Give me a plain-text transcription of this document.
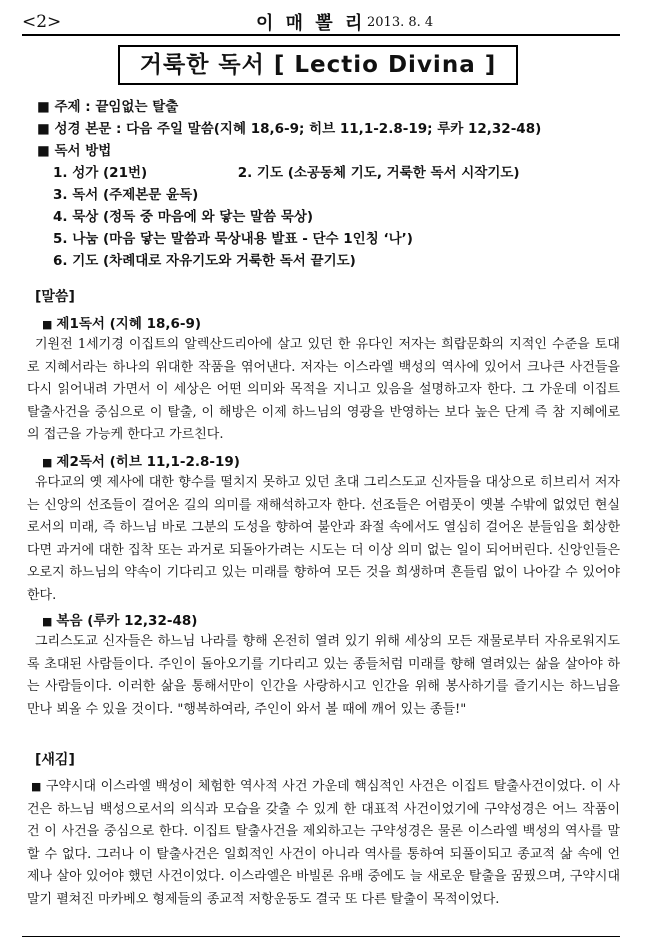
<2>	이 매 뽈 리 2013. 8. 4
거룩한 독서 [ Lectio Divina ]
■ 주제 : 끝임없는 탈출
■ 성경 본문 : 다음 주일 말씀(지혜 18,6-9; 히브 11,1-2.8-19; 루카 12,32-48)
■ 독서 방법
1. 성가 (21번)	2. 기도 (소공동체 기도, 거룩한 독서 시작기도)
3. 독서 (주제본문 윤독)
4. 묵상 (정독 중 마음에 와 닿는 말씀 묵상)
5. 나눔 (마음 닿는 말씀과 묵상내용 발표 - 단수 1인칭 ‘나’)
6. 기도 (차례대로 자유기도와 거룩한 독서 끝기도)
[말씀]
■ 제1독서 (지혜 18,6-9)
기원전 1세기경 이집트의 알렉산드리아에 살고 있던 한 유다인 저자는 희랍문화의 지적인 수준을 토대로 지혜서라는 하나의 위대한 작품을 엮어낸다. 저자는 이스라엘 백성의 역사에 있어서 크나큰 사건들을 다시 읽어내려 가면서 이 세상은 어떤 의미와 목적을 지니고 있음을 설명하고자 한다. 그 가운데 이집트 탈출사건을 중심으로 이 탈출, 이 해방은 이제 하느님의 영광을 반영하는 보다 높은 단계 즉 참 지혜에로의 접근을 가능케 한다고 가르친다.
■ 제2독서 (히브 11,1-2.8-19)
유다교의 옛 제사에 대한 향수를 떨치지 못하고 있던 초대 그리스도교 신자들을 대상으로 히브리서 저자는 신앙의 선조들이 걸어온 길의 의미를 재해석하고자 한다. 선조들은 어렴풋이 옛볼 수밖에 없었던 현실로서의 미래, 즉 하느님 바로 그분의 도성을 향하여 불안과 좌절 속에서도 열심히 걸어온 분들임을 회상한다면 과거에 대한 집착 또는 과거로 되돌아가려는 시도는 더 이상 의미 없는 일이 되어버린다. 신앙인들은 오로지 하느님의 약속이 기다리고 있는 미래를 향하여 모든 것을 희생하며 흔들림 없이 나아갈 수 있어야 한다.
■ 복음 (루카 12,32-48)
그리스도교 신자들은 하느님 나라를 향해 온전히 열려 있기 위해 세상의 모든 재물로부터 자유로워지도록 초대된 사람들이다. 주인이 돌아오기를 기다리고 있는 종들처럼 미래를 향해 열려있는 삶을 살아야 하는 사람들이다. 이러한 삶을 통해서만이 인간을 사랑하시고 인간을 위해 봉사하기를 즐기시는 하느님을 만나 뵈올 수 있을 것이다. "행복하여라, 주인이 와서 볼 때에 깨어 있는 종들!"
[새김]
■ 구약시대 이스라엘 백성이 체험한 역사적 사건 가운데 핵심적인 사건은 이집트 탈출사건이었다. 이 사건은 하느님 백성으로서의 의식과 모습을 갖출 수 있게 한 대표적 사건이었기에 구약성경은 어느 작품이건 이 사건을 중심으로 한다. 이집트 탈출사건을 제외하고는 구약성경은 물론 이스라엘 백성의 역사를 말할 수 없다. 그러나 이 탈출사건은 일회적인 사건이 아니라 역사를 통하여 되풀이되고 종교적 삶 속에 언제나 살아 있어야 했던 사건이었다. 이스라엘은 바빌론 유배 중에도 늘 새로운 탈출을 꿈꿨으며, 구약시대 말기 펼쳐진 마카베오 형제들의 종교적 저항운동도 결국 또 다른 탈출이 목적이었다.
